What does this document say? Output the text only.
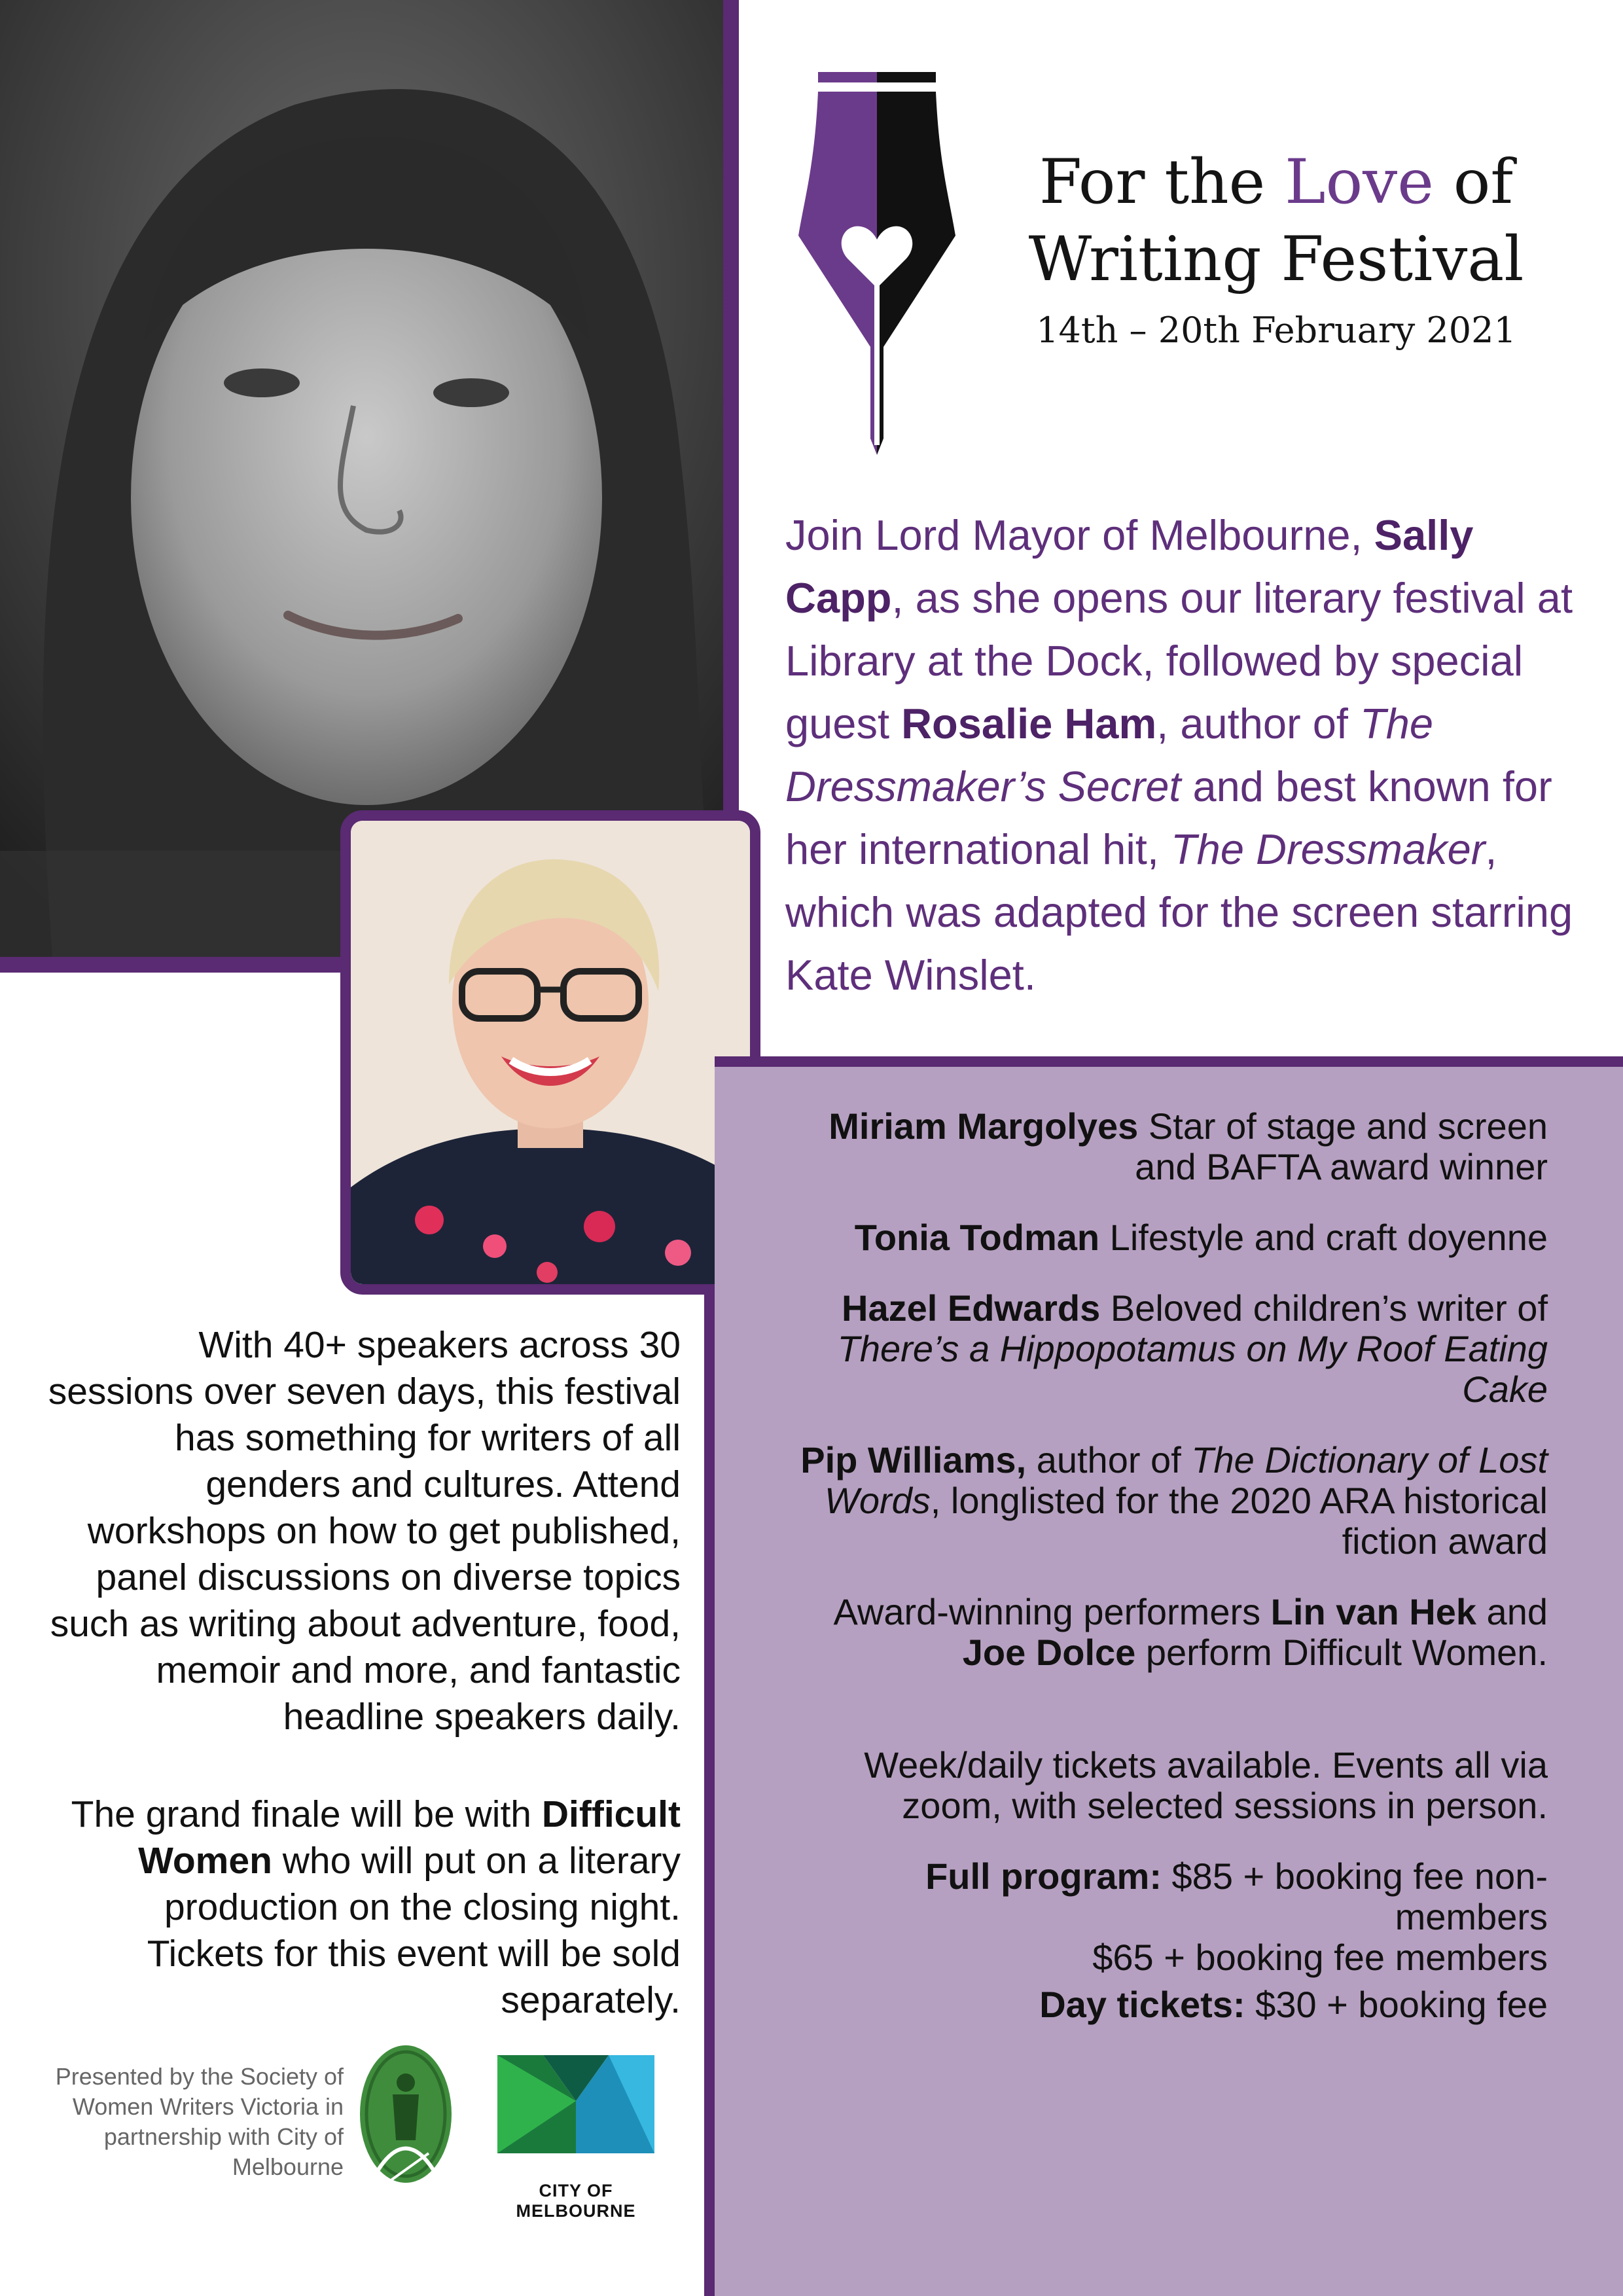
For the Love of
Writing Festival
14th – 20th February 2021
Join Lord Mayor of Melbourne, Sally Capp, as she opens our literary festival at Library at the Dock, followed by special guest Rosalie Ham, author of The Dressmaker’s Secret and best known for her international hit, The Dressmaker, which was adapted for the screen starring Kate Winslet.

Miriam Margolyes Star of stage and screen and BAFTA award winner

Tonia Todman Lifestyle and craft doyenne

Hazel Edwards Beloved children’s writer of There’s a Hippopotamus on My Roof Eating Cake

Pip Williams, author of The Dictionary of Lost Words, longlisted for the 2020 ARA historical fiction award

Award-winning performers Lin van Hek and Joe Dolce perform Difficult Women.

Week/daily tickets available. Events all via zoom, with selected sessions in person.

Full program: $85 + booking fee non-members

$65 + booking fee members

Day tickets: $30 + booking fee

With 40+ speakers across 30 sessions over seven days, this festival has something for writers of all genders and cultures. Attend workshops on how to get published, panel discussions on diverse topics such as writing about adventure, food, memoir and more, and fantastic headline speakers daily.

The grand finale will be with Difficult Women who will put on a literary production on the closing night. Tickets for this event will be sold separately.

Presented by the Society of Women Writers Victoria in partnership with City of Melbourne
CITY OF MELBOURNE
